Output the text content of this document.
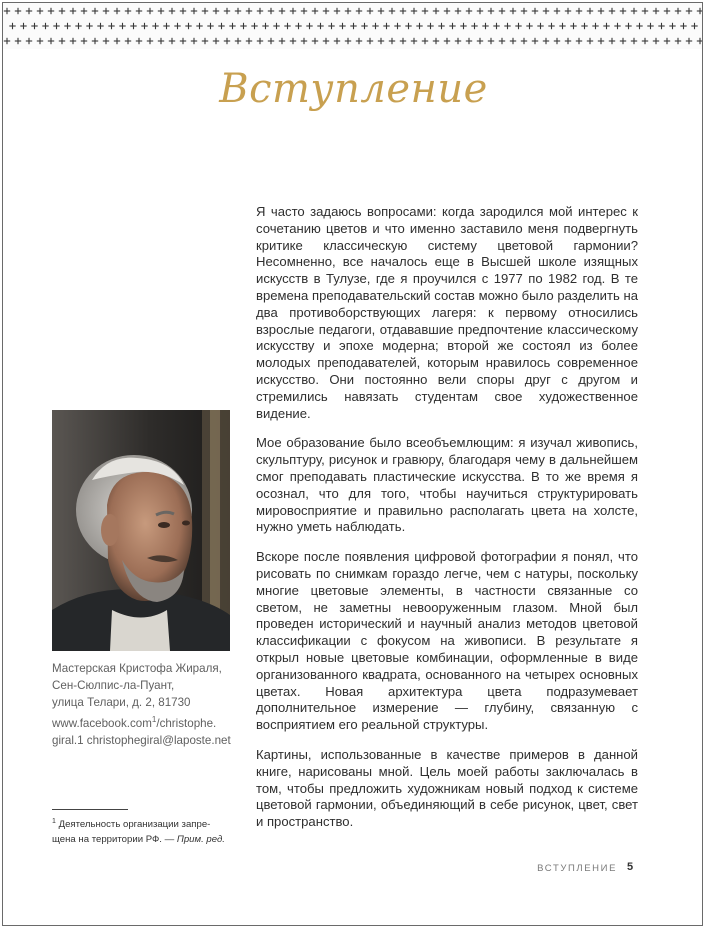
Вступление

Я часто задаюсь вопросами: когда зародился мой интерес к сочетанию цветов и что именно заставило меня подвергнуть критике классическую систему цветовой гармонии? Несомненно, все началось еще в Высшей школе изящных искусств в Тулузе, где я проучился с 1977 по 1982 год. В те времена преподавательский состав можно было разделить на два противоборствующих лагеря: к первому относились взрослые педагоги, отдававшие предпочтение классическому искусству и эпохе модерна; второй же состоял из более молодых преподавателей, которым нравилось современное искусство. Они постоянно вели споры друг с другом и стремились навязать студентам свое художественное видение.

Мое образование было всеобъемлющим: я изучал живопись, скульптуру, рисунок и гравюру, благодаря чему в дальнейшем смог преподавать пластические искусства. В то же время я осознал, что для того, чтобы научиться структурировать мировосприятие и правильно располагать цвета на холсте, нужно уметь наблюдать.

Вскоре после появления цифровой фотографии я понял, что рисовать по снимкам гораздо легче, чем с натуры, поскольку многие цветовые элементы, в частности связанные со светом, не заметны невооруженным глазом. Мной был проведен исторический и научный анализ методов цветовой классификации с фокусом на живописи. В результате я открыл новые цветовые комбинации, оформленные в виде организованного квадрата, основанного на четырех основных цветах. Новая архитектура цвета подразумевает дополнительное измерение — глубину, связанную с восприятием его реальной структуры.

Картины, использованные в качестве примеров в данной книге, нарисованы мной. Цель моей работы заключалась в том, чтобы предложить художникам новый подход к системе цветовой гармонии, объединяющий в себе рисунок, цвет, свет и пространство.

Мастерская Кристофа Жираля,
Сен-Сюлпис-ла-Пуант,
улица Телари, д. 2, 81730
www.facebook.com$^1$/christophe.
giral.1 christophegiral@laposte.net
$^1$ Деятельность организации запре-
щена на территории РФ. — Прим. ред.
ВСТУПЛЕНИЕ 5
